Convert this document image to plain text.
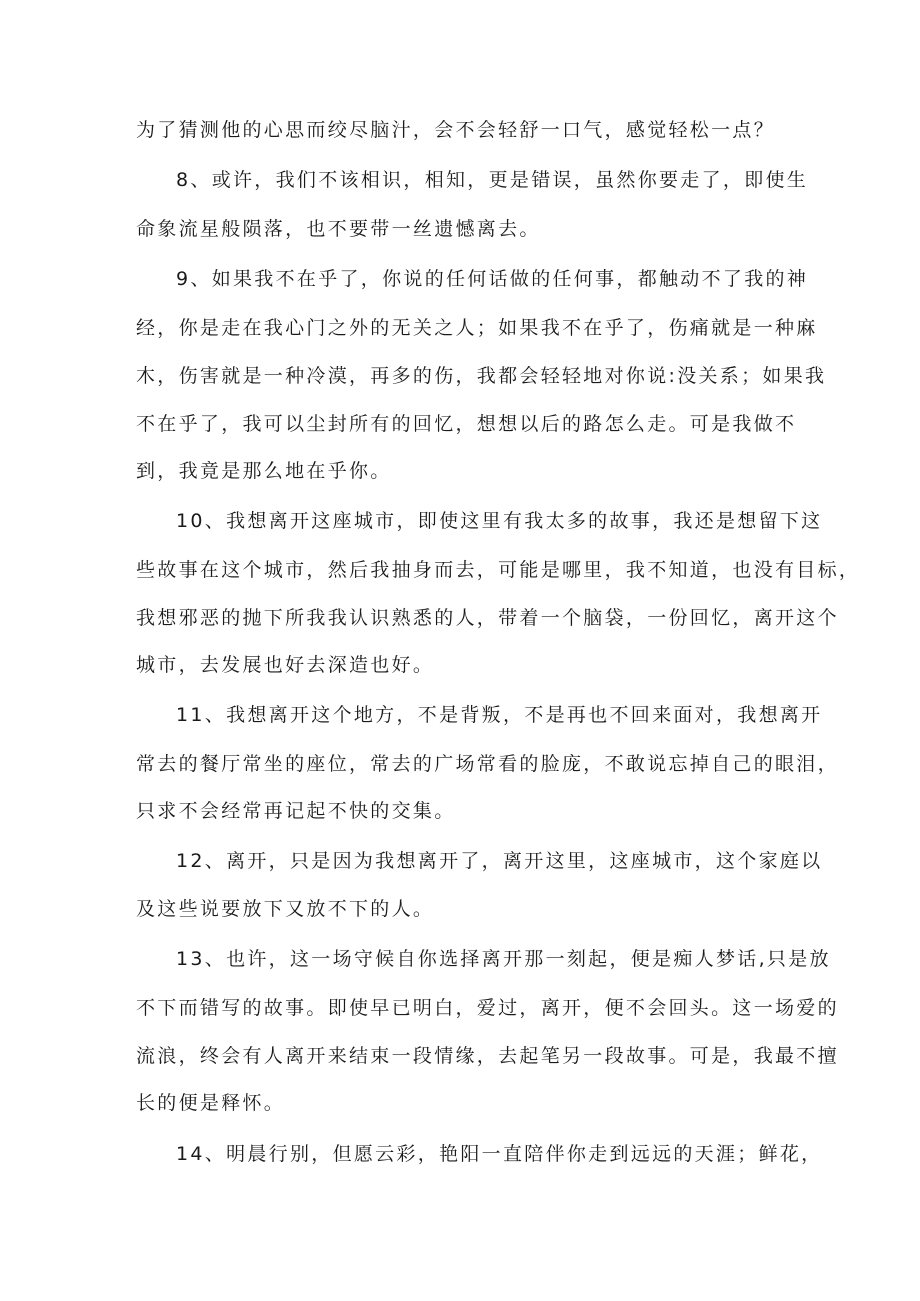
为了猜测他的心思而绞尽脑汁，会不会轻舒一口气，感觉轻松一点？
8、或许，我们不该相识，相知，更是错误，虽然你要走了，即使生
命象流星般陨落，也不要带一丝遗憾离去。
9、如果我不在乎了，你说的任何话做的任何事，都触动不了我的神
经，你是走在我心门之外的无关之人；如果我不在乎了，伤痛就是一种麻
木，伤害就是一种冷漠，再多的伤，我都会轻轻地对你说:没关系；如果我
不在乎了，我可以尘封所有的回忆，想想以后的路怎么走。可是我做不
到，我竟是那么地在乎你。
10、我想离开这座城市，即使这里有我太多的故事，我还是想留下这
些故事在这个城市，然后我抽身而去，可能是哪里，我不知道，也没有目标，
我想邪恶的抛下所我我认识熟悉的人，带着一个脑袋，一份回忆，离开这个
城市，去发展也好去深造也好。
11、我想离开这个地方，不是背叛，不是再也不回来面对，我想离开
常去的餐厅常坐的座位，常去的广场常看的脸庞，不敢说忘掉自己的眼泪，
只求不会经常再记起不快的交集。
12、离开，只是因为我想离开了，离开这里，这座城市，这个家庭以
及这些说要放下又放不下的人。
13、也许，这一场守候自你选择离开那一刻起，便是痴人梦话,只是放
不下而错写的故事。即使早已明白，爱过，离开，便不会回头。这一场爱的
流浪，终会有人离开来结束一段情缘，去起笔另一段故事。可是，我最不擅
长的便是释怀。
14、明晨行别，但愿云彩，艳阳一直陪伴你走到远远的天涯；鲜花，
